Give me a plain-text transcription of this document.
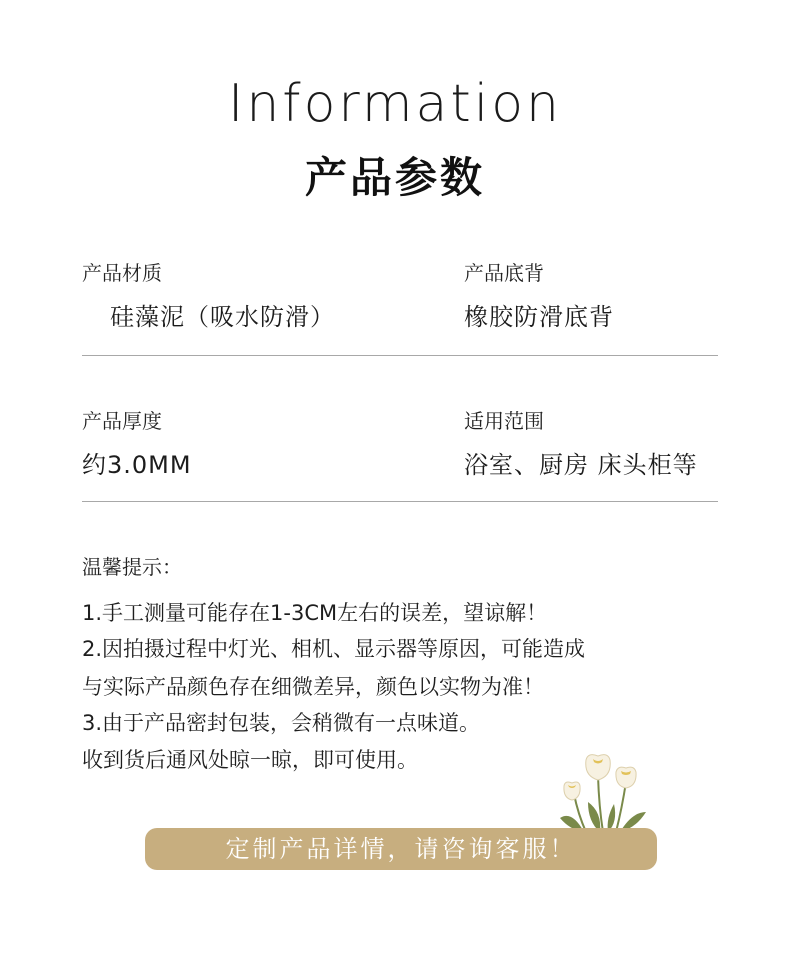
Information
产品参数
产品材质
硅藻泥（吸水防滑）
产品底背
橡胶防滑底背
产品厚度
约3.0MM
适用范围
浴室、厨房 床头柜等
温馨提示：
1.手工测量可能存在1-3CM左右的误差，望谅解！
2.因拍摄过程中灯光、相机、显示器等原因，可能造成
与实际产品颜色存在细微差异，颜色以实物为准！
3.由于产品密封包装，会稍微有一点味道。
收到货后通风处晾一晾，即可使用。
定制产品详情，请咨询客服！
